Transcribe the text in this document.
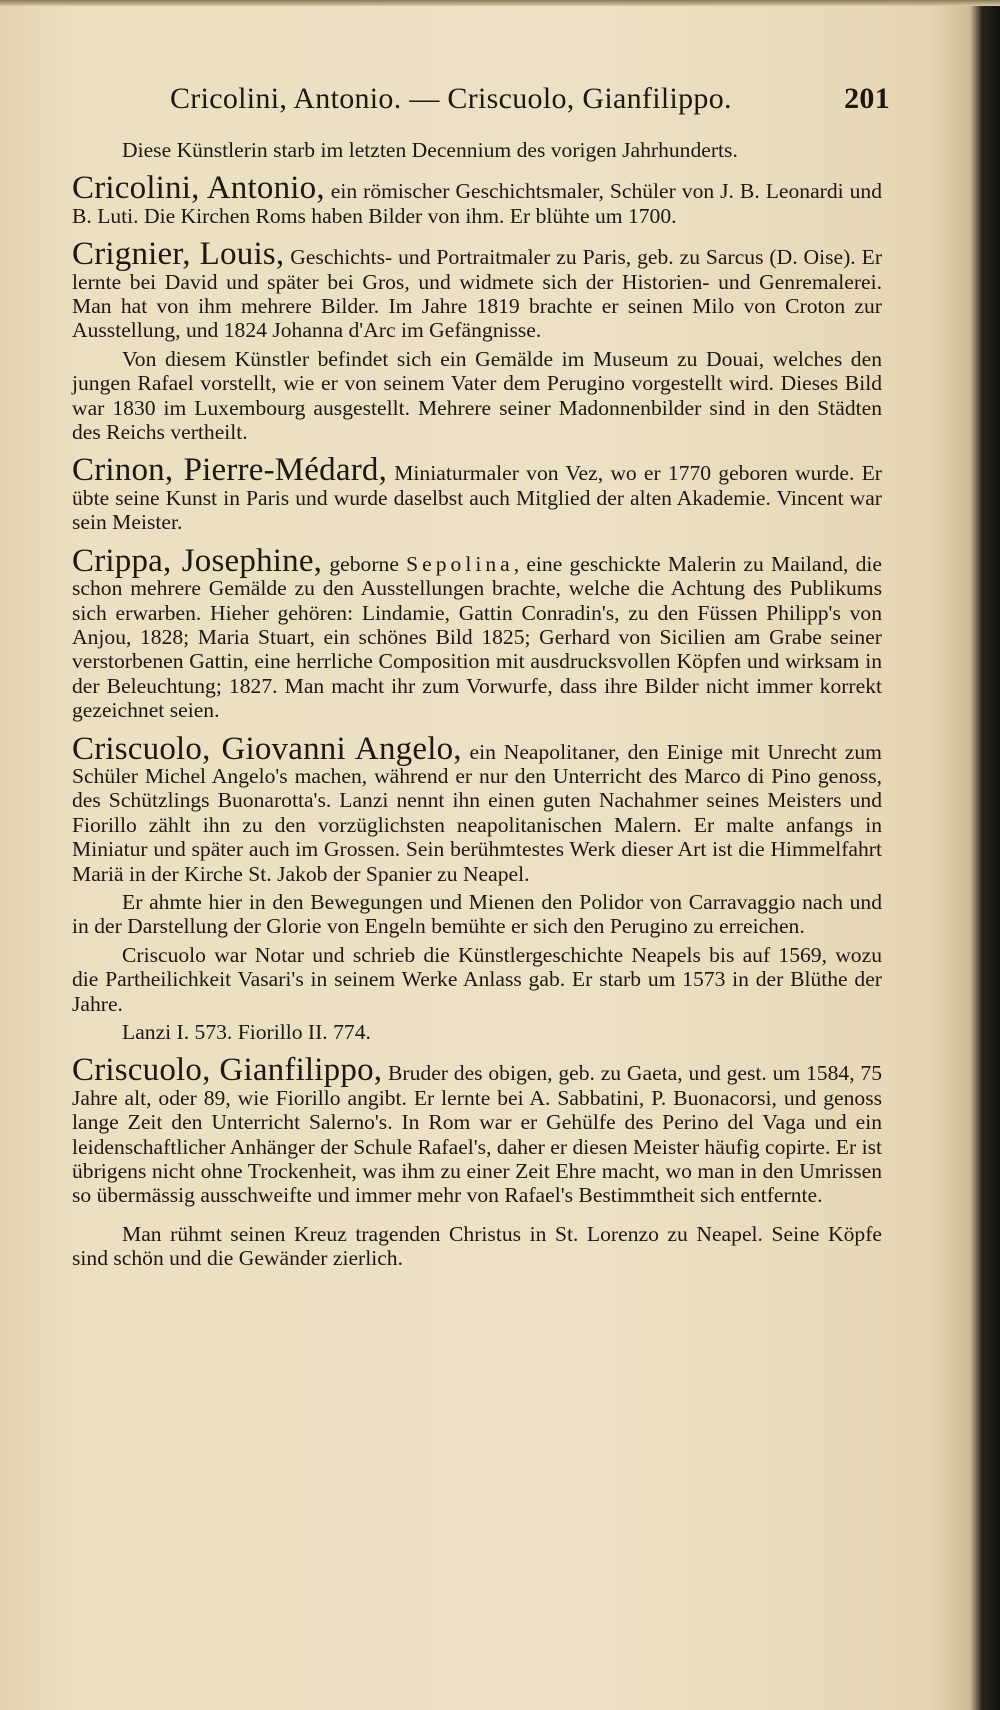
Cricolini, Antonio. — Criscuolo, Gianfilippo.	201

Diese Künstlerin starb im letzten Decennium des vorigen Jahrhunderts.

Cricolini, Antonio, ein römischer Geschichtsmaler, Schüler von J. B. Leonardi und B. Luti. Die Kirchen Roms haben Bilder von ihm. Er blühte um 1700.

Crignier, Louis, Geschichts- und Portraitmaler zu Paris, geb. zu Sarcus (D. Oise). Er lernte bei David und später bei Gros, und widmete sich der Historien- und Genremalerei. Man hat von ihm mehrere Bilder. Im Jahre 1819 brachte er seinen Milo von Croton zur Ausstellung, und 1824 Johanna d'Arc im Gefängnisse.

Von diesem Künstler befindet sich ein Gemälde im Museum zu Douai, welches den jungen Rafael vorstellt, wie er von seinem Vater dem Perugino vorgestellt wird. Dieses Bild war 1830 im Luxembourg ausgestellt. Mehrere seiner Madonnenbilder sind in den Städten des Reichs vertheilt.

Crinon, Pierre-Médard, Miniaturmaler von Vez, wo er 1770 geboren wurde. Er übte seine Kunst in Paris und wurde daselbst auch Mitglied der alten Akademie. Vincent war sein Meister.

Crippa, Josephine, geborne Sepolina, eine geschickte Malerin zu Mailand, die schon mehrere Gemälde zu den Ausstellungen brachte, welche die Achtung des Publikums sich erwarben. Hieher gehören: Lindamie, Gattin Conradin's, zu den Füssen Philipp's von Anjou, 1828; Maria Stuart, ein schönes Bild 1825; Gerhard von Sicilien am Grabe seiner verstorbenen Gattin, eine herrliche Composition mit ausdrucksvollen Köpfen und wirksam in der Beleuchtung; 1827. Man macht ihr zum Vorwurfe, dass ihre Bilder nicht immer korrekt gezeichnet seien.

Criscuolo, Giovanni Angelo, ein Neapolitaner, den Einige mit Unrecht zum Schüler Michel Angelo's machen, während er nur den Unterricht des Marco di Pino genoss, des Schützlings Buonarotta's. Lanzi nennt ihn einen guten Nachahmer seines Meisters und Fiorillo zählt ihn zu den vorzüglichsten neapolitanischen Malern. Er malte anfangs in Miniatur und später auch im Grossen. Sein berühmtestes Werk dieser Art ist die Himmelfahrt Mariä in der Kirche St. Jakob der Spanier zu Neapel.

Er ahmte hier in den Bewegungen und Mienen den Polidor von Carravaggio nach und in der Darstellung der Glorie von Engeln bemühte er sich den Perugino zu erreichen.

Criscuolo war Notar und schrieb die Künstlergeschichte Neapels bis auf 1569, wozu die Partheilichkeit Vasari's in seinem Werke Anlass gab. Er starb um 1573 in der Blüthe der Jahre.

Lanzi I. 573. Fiorillo II. 774.

Criscuolo, Gianfilippo, Bruder des obigen, geb. zu Gaeta, und gest. um 1584, 75 Jahre alt, oder 89, wie Fiorillo angibt. Er lernte bei A. Sabbatini, P. Buonacorsi, und genoss lange Zeit den Unterricht Salerno's. In Rom war er Gehülfe des Perino del Vaga und ein leidenschaftlicher Anhänger der Schule Rafael's, daher er diesen Meister häufig copirte. Er ist übrigens nicht ohne Trockenheit, was ihm zu einer Zeit Ehre macht, wo man in den Umrissen so übermässig ausschweifte und immer mehr von Rafael's Bestimmtheit sich entfernte.

Man rühmt seinen Kreuz tragenden Christus in St. Lorenzo zu Neapel. Seine Köpfe sind schön und die Gewänder zierlich.
